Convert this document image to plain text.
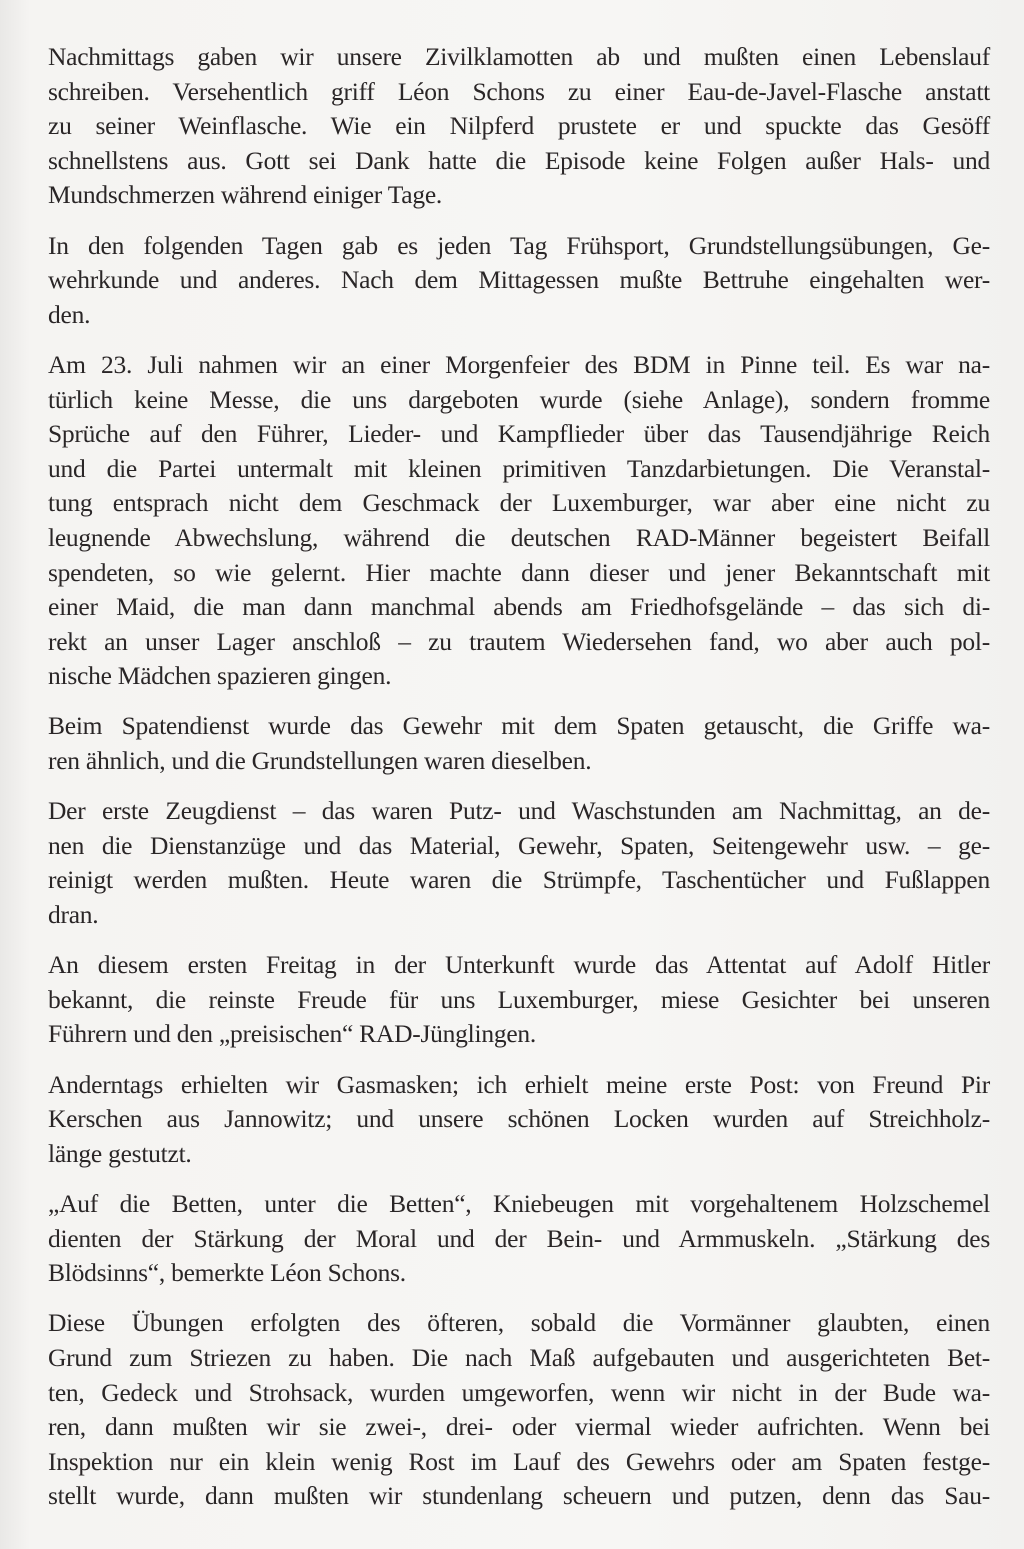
Nachmittags gaben wir unsere Zivilklamotten ab und mußten einen Lebenslauf
schreiben. Versehentlich griff Léon Schons zu einer Eau-de-Javel-Flasche anstatt
zu seiner Weinflasche. Wie ein Nilpferd prustete er und spuckte das Gesöff
schnellstens aus. Gott sei Dank hatte die Episode keine Folgen außer Hals- und
Mundschmerzen während einiger Tage.
In den folgenden Tagen gab es jeden Tag Frühsport, Grundstellungsübungen, Ge-
wehrkunde und anderes. Nach dem Mittagessen mußte Bettruhe eingehalten wer-
den.
Am 23. Juli nahmen wir an einer Morgenfeier des BDM in Pinne teil. Es war na-
türlich keine Messe, die uns dargeboten wurde (siehe Anlage), sondern fromme
Sprüche auf den Führer, Lieder- und Kampflieder über das Tausendjährige Reich
und die Partei untermalt mit kleinen primitiven Tanzdarbietungen. Die Veranstal-
tung entsprach nicht dem Geschmack der Luxemburger, war aber eine nicht zu
leugnende Abwechslung, während die deutschen RAD-Männer begeistert Beifall
spendeten, so wie gelernt. Hier machte dann dieser und jener Bekanntschaft mit
einer Maid, die man dann manchmal abends am Friedhofsgelände – das sich di-
rekt an unser Lager anschloß – zu trautem Wiedersehen fand, wo aber auch pol-
nische Mädchen spazieren gingen.
Beim Spatendienst wurde das Gewehr mit dem Spaten getauscht, die Griffe wa-
ren ähnlich, und die Grundstellungen waren dieselben.
Der erste Zeugdienst – das waren Putz- und Waschstunden am Nachmittag, an de-
nen die Dienstanzüge und das Material, Gewehr, Spaten, Seitengewehr usw. – ge-
reinigt werden mußten. Heute waren die Strümpfe, Taschentücher und Fußlappen
dran.
An diesem ersten Freitag in der Unterkunft wurde das Attentat auf Adolf Hitler
bekannt, die reinste Freude für uns Luxemburger, miese Gesichter bei unseren
Führern und den „preisischen“ RAD-Jünglingen.
Anderntags erhielten wir Gasmasken; ich erhielt meine erste Post: von Freund Pir
Kerschen aus Jannowitz; und unsere schönen Locken wurden auf Streichholz-
länge gestutzt.
„Auf die Betten, unter die Betten“, Kniebeugen mit vorgehaltenem Holzschemel
dienten der Stärkung der Moral und der Bein- und Armmuskeln. „Stärkung des
Blödsinns“, bemerkte Léon Schons.
Diese Übungen erfolgten des öfteren, sobald die Vormänner glaubten, einen
Grund zum Striezen zu haben. Die nach Maß aufgebauten und ausgerichteten Bet-
ten, Gedeck und Strohsack, wurden umgeworfen, wenn wir nicht in der Bude wa-
ren, dann mußten wir sie zwei-, drei- oder viermal wieder aufrichten. Wenn bei
Inspektion nur ein klein wenig Rost im Lauf des Gewehrs oder am Spaten festge-
stellt wurde, dann mußten wir stundenlang scheuern und putzen, denn das Sau-
